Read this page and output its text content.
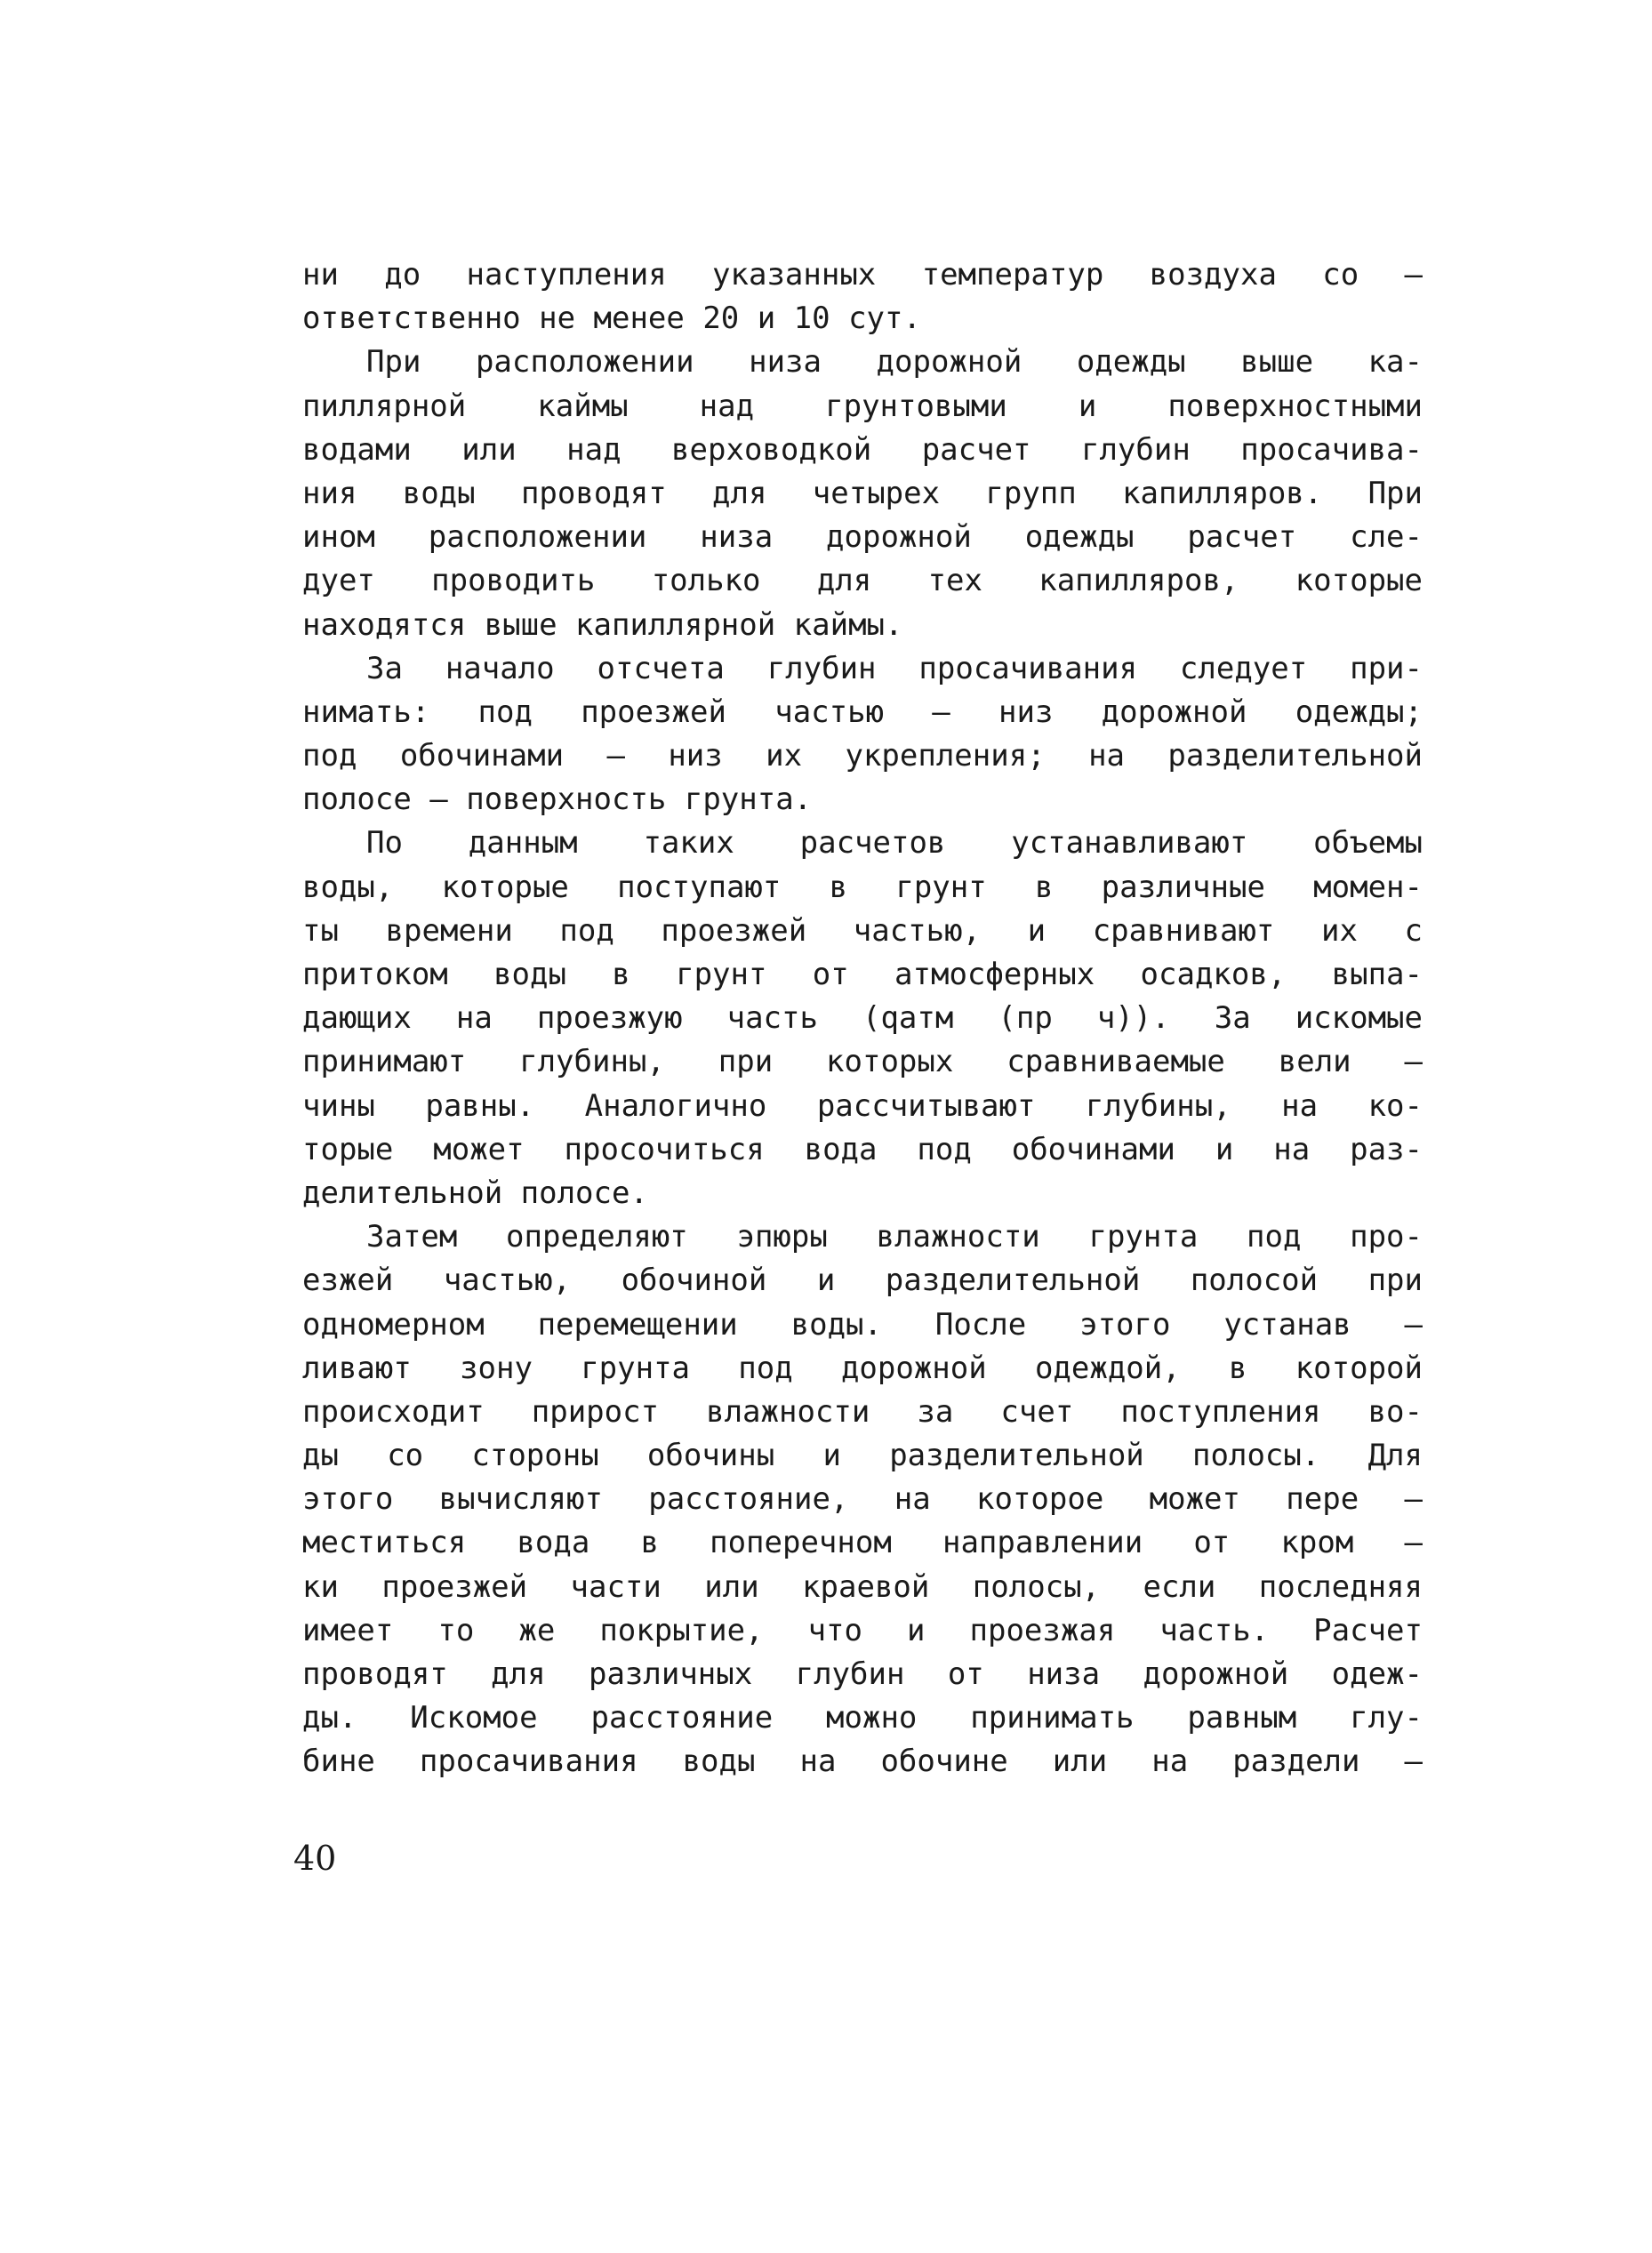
ни до наступления указанных температур воздуха со –
ответственно не менее 20 и 10 сут.
При расположении низа дорожной одежды выше ка-
пиллярной каймы над грунтовыми и поверхностными
водами или над верховодкой расчет глубин просачива-
ния воды проводят для четырех групп капилляров. При
ином расположении низа дорожной одежды расчет сле-
дует проводить только для тех капилляров, которые
находятся выше капиллярной каймы.
За начало отсчета глубин просачивания следует при-
нимать: под проезжей частью – низ дорожной одежды;
под обочинами – низ их укрепления; на разделительной
полосе – поверхность грунта.
По данным таких расчетов устанавливают объемы
воды, которые поступают в грунт в различные момен-
ты времени под проезжей частью, и сравнивают их с
притоком воды в грунт от атмосферных осадков, выпа-
дающих на проезжую часть (qатм (пр ч)). За искомые
принимают глубины, при которых сравниваемые вели –
чины равны. Аналогично рассчитывают глубины, на ко-
торые может просочиться вода под обочинами и на раз-
делительной полосе.
Затем определяют эпюры влажности грунта под про-
езжей частью, обочиной и разделительной полосой при
одномерном перемещении воды. После этого устанав –
ливают зону грунта под дорожной одеждой, в которой
происходит прирост влажности за счет поступления во-
ды со стороны обочины и разделительной полосы. Для
этого вычисляют расстояние, на которое может пере –
меститься вода в поперечном направлении от кром –
ки проезжей части или краевой полосы, если последняя
имеет то же покрытие, что и проезжая часть. Расчет
проводят для различных глубин от низа дорожной одеж-
ды. Искомое расстояние можно принимать равным глу-
бине просачивания воды на обочине или на раздели –
40
